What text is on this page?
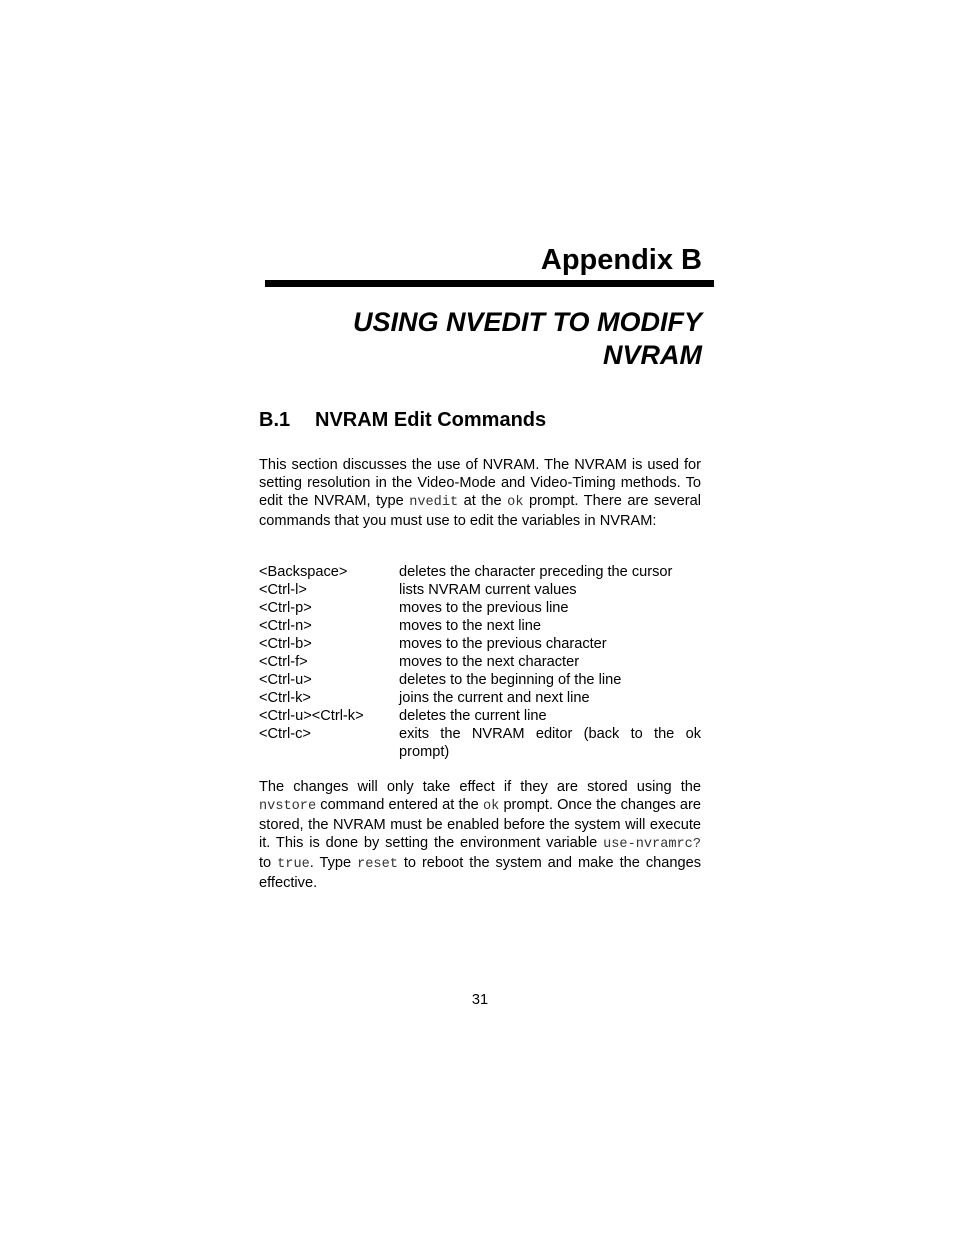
Appendix B
USING NVEDIT TO MODIFY
NVRAM
B.1 NVRAM Edit Commands

This section discusses the use of NVRAM. The NVRAM is used for setting resolution in the Video-Mode and Video-Timing methods. To edit the NVRAM, type nvedit at the ok prompt. There are several commands that you must use to edit the variables in NVRAM:

<Backspace>	deletes the character preceding the cursor
<Ctrl-l>	lists NVRAM current values
<Ctrl-p>	moves to the previous line
<Ctrl-n>	moves to the next line
<Ctrl-b>	moves to the previous character
<Ctrl-f>	moves to the next character
<Ctrl-u>	deletes to the beginning of the line
<Ctrl-k>	joins the current and next line
<Ctrl-u><Ctrl-k>	deletes the current line
<Ctrl-c>	exits the NVRAM editor (back to the ok prompt)

The changes will only take effect if they are stored using the nvstore command entered at the ok prompt. Once the changes are stored, the NVRAM must be enabled before the system will execute it. This is done by setting the environment variable use-nvramrc? to true. Type reset to reboot the system and make the changes effective.

31
